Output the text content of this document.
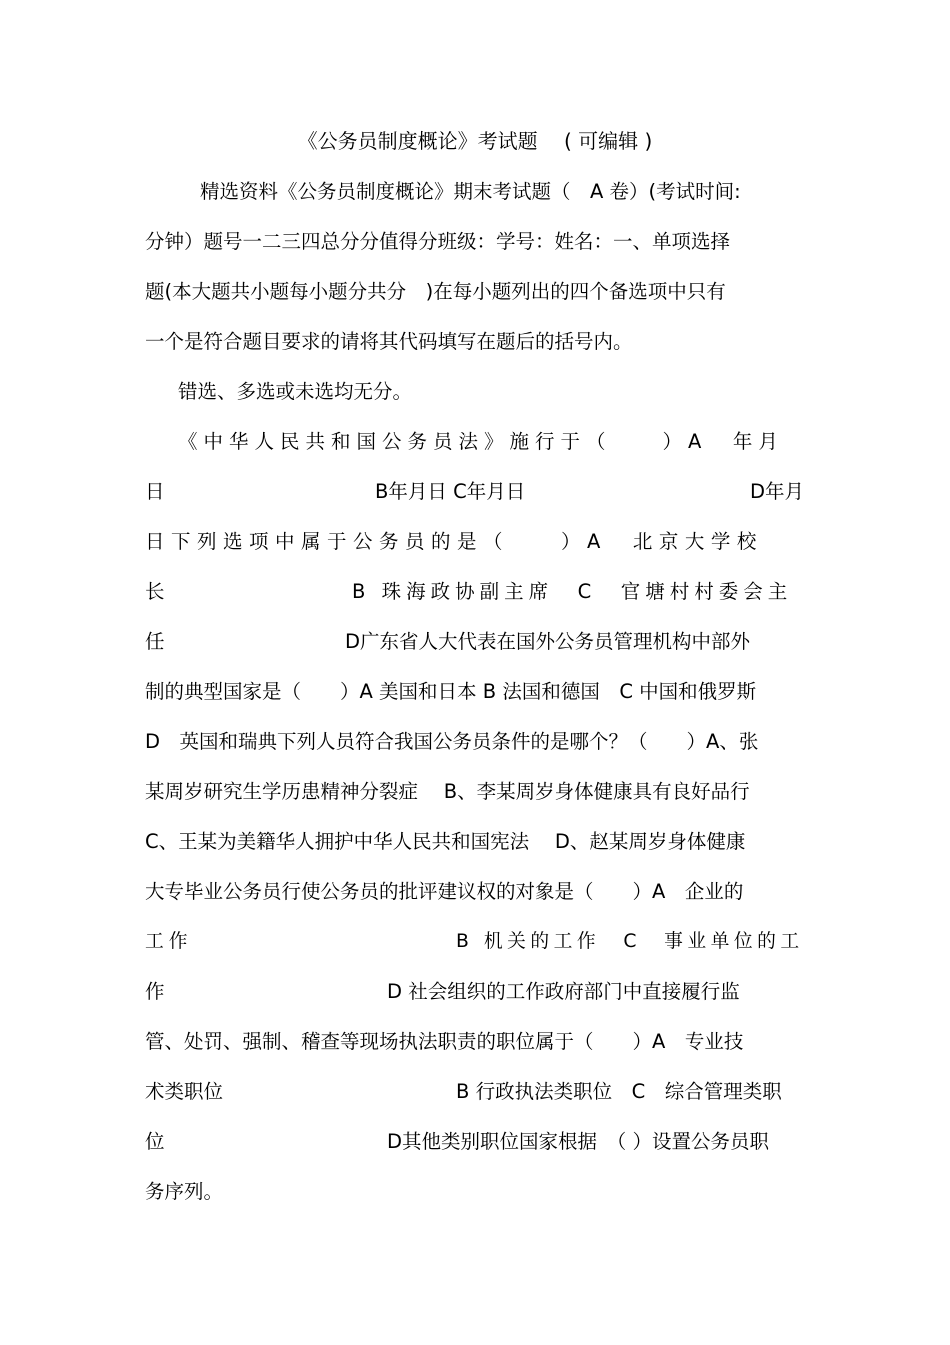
《公务员制度概论》考试题　 ( 可编辑 )
精选资料《公务员制度概论》期末考试题（　A 卷）(考试时间:
分钟）题号一二三四总分分值得分班级：学号：姓名：一、单项选择
题(本大题共小题每小题分共分　)在每小题列出的四个备选项中只有
一个是符合题目要求的请将其代码填写在题后的括号内。
错选、多选或未选均无分。
《中华人民共和国公务员法》施行于（　　）A　年月
日	B年月日 C年月日	D年月
日下列选项中属于公务员的是（　　）A　北京大学校
长	B 珠海政协副主席　C　官塘村村委会主
任	D广东省人大代表在国外公务员管理机构中部外
制的典型国家是（　　）A 美国和日本 B 法国和德国　C 中国和俄罗斯
D　英国和瑞典下列人员符合我国公务员条件的是哪个？（　　）A、张
某周岁研究生学历患精神分裂症　 B、李某周岁身体健康具有良好品行
C、王某为美籍华人拥护中华人民共和国宪法　 D、赵某周岁身体健康
大专毕业公务员行使公务员的批评建议权的对象是（　　）A　企业的
工作	B 机关的工作　C　事业单位的工
作	D 社会组织的工作政府部门中直接履行监
管、处罚、强制、稽查等现场执法职责的职位属于（　　）A　专业技
术类职位	B 行政执法类职位　C　综合管理类职
位	D其他类别职位国家根据　（ ）设置公务员职
务序列。
